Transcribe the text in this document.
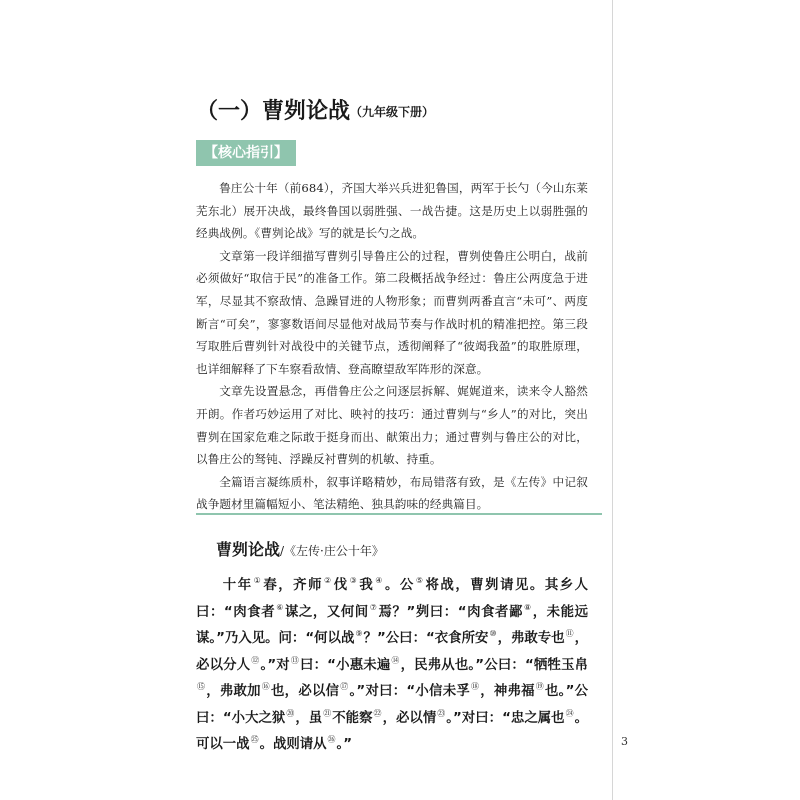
（一）曹刿论战（九年级下册）
【核心指引】

鲁庄公十年（前684），齐国大举兴兵进犯鲁国，两军于长勺（今山东莱芜东北）展开决战，最终鲁国以弱胜强、一战告捷。这是历史上以弱胜强的经典战例。《曹刿论战》写的就是长勺之战。

文章第一段详细描写曹刿引导鲁庄公的过程，曹刿使鲁庄公明白，战前必须做好“取信于民”的准备工作。第二段概括战争经过：鲁庄公两度急于进军，尽显其不察敌情、急躁冒进的人物形象；而曹刿两番直言“未可”、两度断言“可矣”，寥寥数语间尽显他对战局节奏与作战时机的精准把控。第三段写取胜后曹刿针对战役中的关键节点，透彻阐释了“彼竭我盈”的取胜原理，也详细解释了下车察看敌情、登高瞭望敌军阵形的深意。

文章先设置悬念，再借鲁庄公之问逐层拆解、娓娓道来，读来令人豁然开朗。作者巧妙运用了对比、映衬的技巧：通过曹刿与“乡人”的对比，突出曹刿在国家危难之际敢于挺身而出、献策出力；通过曹刿与鲁庄公的对比，以鲁庄公的驽钝、浮躁反衬曹刿的机敏、持重。

全篇语言凝练质朴，叙事详略精妙，布局错落有致，是《左传》中记叙战争题材里篇幅短小、笔法精绝、独具韵味的经典篇目。

曹刿论战/《左传·庄公十年》

十年①春，齐师②伐③我④。公⑤将战，曹刿请见。其乡人曰：“肉食者⑥谋之，又何间⑦焉？”刿曰：“肉食者鄙⑧，未能远谋。”乃入见。问：“何以战⑨？”公曰：“衣食所安⑩，弗敢专也⑪，必以分人⑫。”对⑬曰：“小惠未遍⑭，民弗从也。”公曰：“牺牲玉帛⑮，弗敢加⑯也，必以信⑰。”对曰：“小信未孚⑱，神弗福⑲也。”公曰：“小大之狱⑳，虽$^㉑$不能察$^㉒$，必以情$^㉓$。”对曰：“忠之属也$^㉔$。可以一战$^㉕$。战则请从$^㉖$。”	3
